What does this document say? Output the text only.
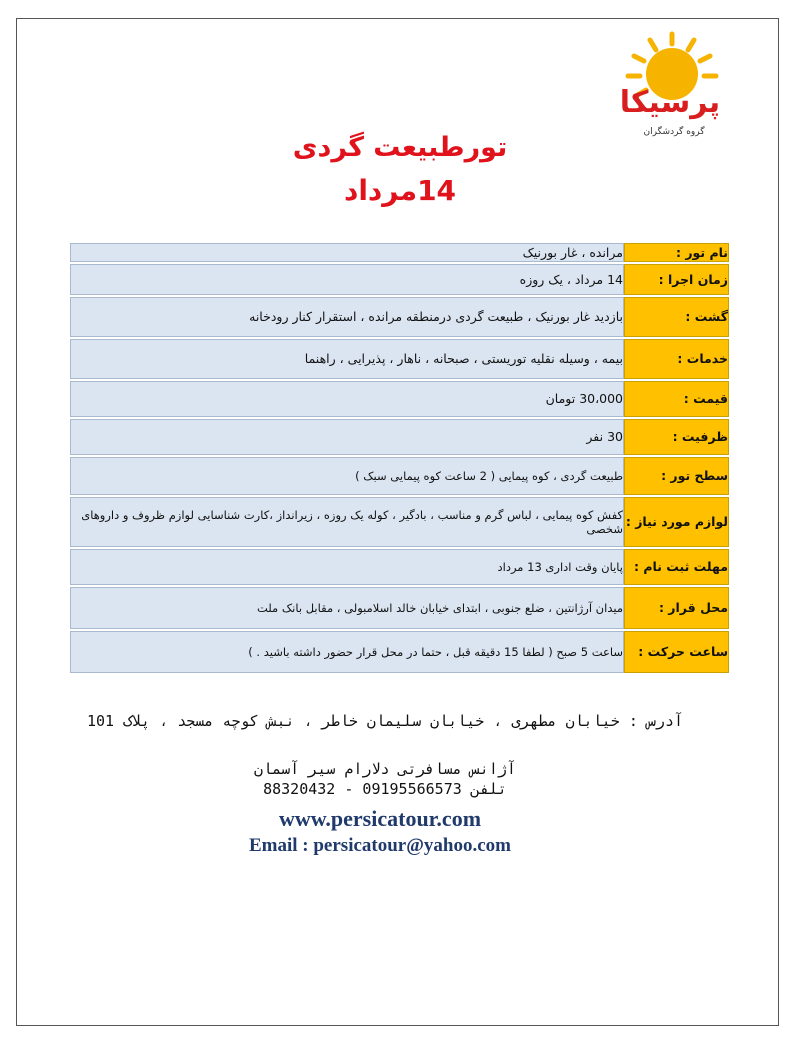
پرسیکا
گروه گردشگران
تورطبیعت گردی
14مرداد
نام تور :	مرانده ، غار بورنیک
زمان اجرا :	14 مرداد ، یک روزه
گشت :	بازدید غار بورنیک ، طبیعت گردی درمنطقه مرانده ، استقرار کنار رودخانه
خدمات :	بیمه ، وسیله نقلیه توریستی ، صبحانه ، ناهار ، پذیرایی ، راهنما
قیمت :	30،000 تومان
ظرفیت :	30 نفر
سطح تور :	طبیعت گردی ، کوه پیمایی ( 2 ساعت کوه پیمایی سبک )
لوازم مورد نیاز :	کفش کوه پیمایی ، لباس گرم و مناسب ، بادگیر ، کوله یک روزه ، زیرانداز ،کارت شناسایی لوازم ظروف و داروهای شخصی
مهلت ثبت نام :	پایان وقت اداری 13 مرداد
محل قرار :	میدان آرژانتین ، ضلع جنوبی ، ابتدای خیابان خالد اسلامبولی ، مقابل بانک ملت
ساعت حرکت :	ساعت 5 صبح ( لطفا 15 دقیقه قبل ، حتما در محل قرار حضور داشته باشید . )
آدرس : خیابان مطهری ، خیابان سلیمان خاطر ، نبش کوچه مسجد ، پلاک 101
آژانس مسافرتی دلارام سیر آسمان
تلفن 09195566573 - 88320432
www.persicatour.com
Email : persicatour@yahoo.com
